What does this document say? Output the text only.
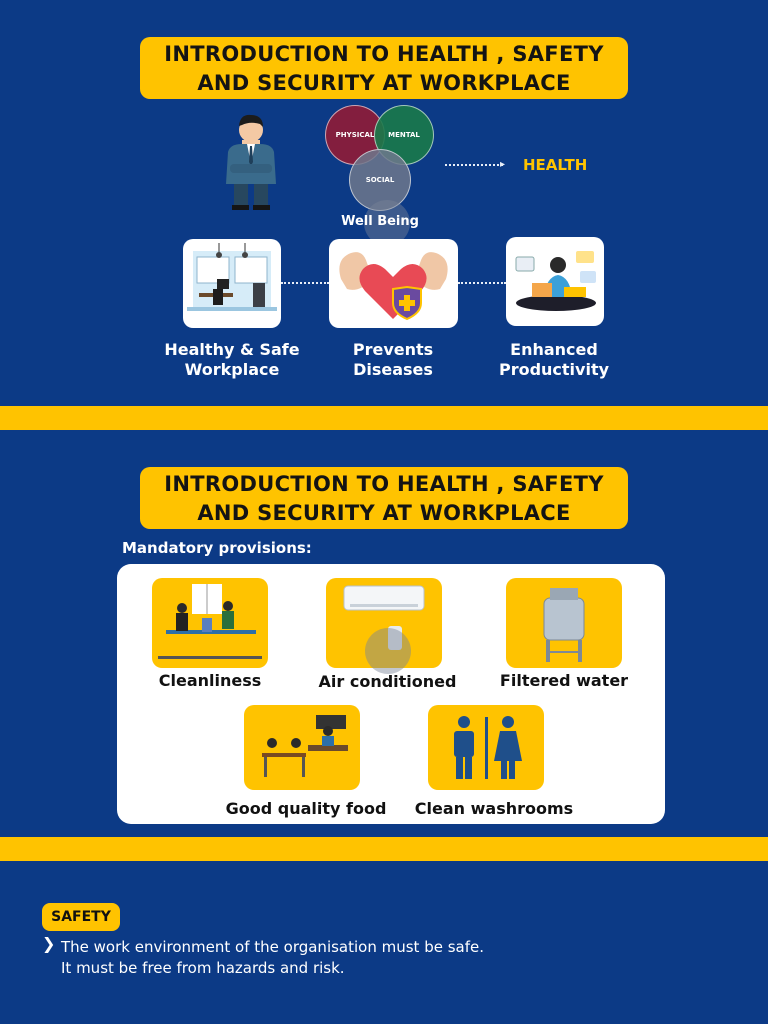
INTRODUCTION TO HEALTH , SAFETY
AND SECURITY AT WORKPLACE
PHYSICAL MENTAL
SOCIAL
Well Being
▸ HEALTH
Healthy & Safe
Workplace
Prevents
Diseases
Enhanced
Productivity
INTRODUCTION TO HEALTH , SAFETY
AND SECURITY AT WORKPLACE
Mandatory provisions:
Cleanliness	Air conditioned	Filtered water
Good quality food	Clean washrooms
SAFETY
❯ The work environment of the organisation must be safe.
It must be free from hazards and risk.
